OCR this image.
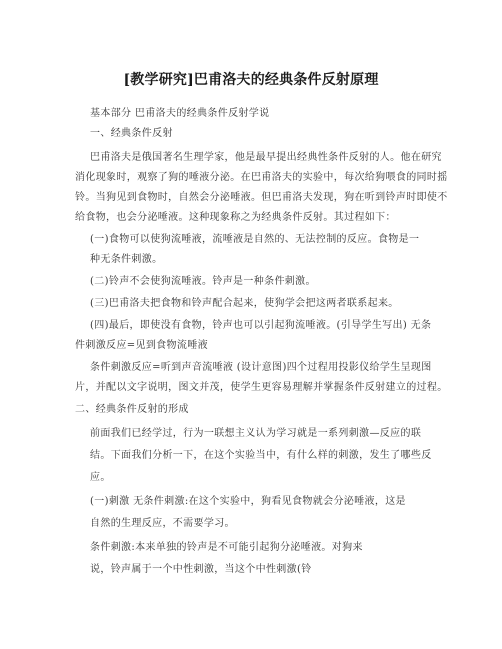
[教学研究]巴甫洛夫的经典条件反射原理
基本部分 巴甫洛夫的经典条件反射学说
一、经典条件反射
巴甫洛夫是俄国著名生理学家，他是最早提出经典性条件反射的人。他在研究
消化现象时，观察了狗的唾液分泌。在巴甫洛夫的实验中，每次给狗喂食的同时摇
铃。当狗见到食物时，自然会分泌唾液。但巴甫洛夫发现，狗在听到铃声时即使不
给食物，也会分泌唾液。这种现象称之为经典条件反射。其过程如下：
(一)食物可以使狗流唾液，流唾液是自然的、无法控制的反应。食物是一
种无条件刺激。
(二)铃声不会使狗流唾液。铃声是一种条件刺激。
(三)巴甫洛夫把食物和铃声配合起来，使狗学会把这两者联系起来。
(四)最后，即使没有食物，铃声也可以引起狗流唾液。(引导学生写出) 无条
件刺激反应=见到食物流唾液
条件刺激反应=听到声音流唾液 (设计意图)四个过程用投影仪给学生呈现图
片，并配以文字说明，图文并茂，使学生更容易理解并掌握条件反射建立的过程。
二、经典条件反射的形成
前面我们已经学过，行为一联想主义认为学习就是一系列刺激—反应的联
结。下面我们分析一下，在这个实验当中，有什么样的刺激，发生了哪些反
应。
(一)刺激 无条件刺激:在这个实验中，狗看见食物就会分泌唾液，这是
自然的生理反应，不需要学习。
条件刺激:本来单独的铃声是不可能引起狗分泌唾液。对狗来
说，铃声属于一个中性刺激，当这个中性刺激(铃
